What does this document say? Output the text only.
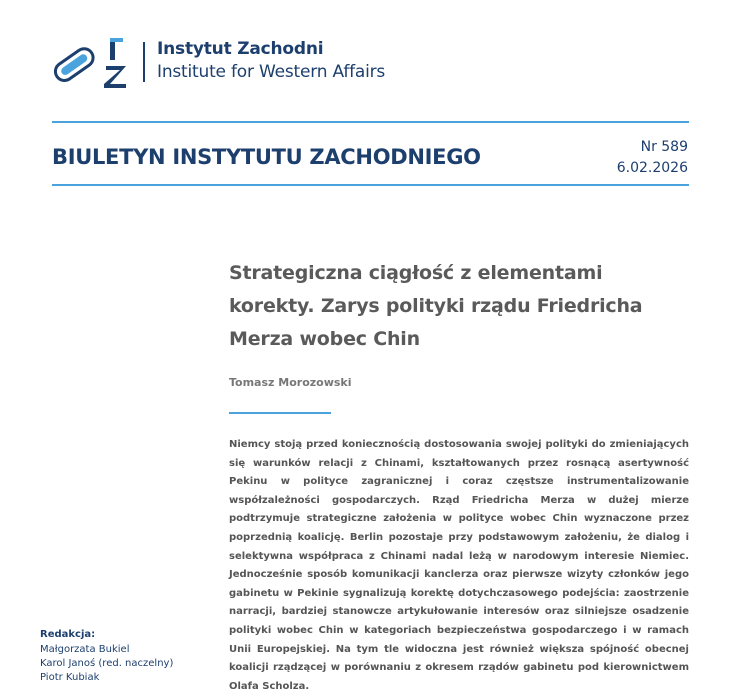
Instytut Zachodni
Institute for Western Affairs
BIULETYN INSTYTUTU ZACHODNIEGO	Nr 589
6.02.2026
Strategiczna ciągłość z elementami korekty. Zarys polityki rządu Friedricha Merza wobec Chin
Tomasz Morozowski

Niemcy stoją przed koniecznością dostosowania swojej polityki do zmieniających się warunków relacji z Chinami, kształtowanych przez rosnącą asertywność Pekinu w polityce zagranicznej i coraz częstsze instrumentalizowanie współzależności gospodarczych. Rząd Friedricha Merza w dużej mierze podtrzymuje strategiczne założenia w polityce wobec Chin wyznaczone przez poprzednią koalicję. Berlin pozostaje przy podstawowym założeniu, że dialog i selektywna współpraca z Chinami nadal leżą w narodowym interesie Niemiec. Jednocześnie sposób komunikacji kanclerza oraz pierwsze wizyty członków jego gabinetu w Pekinie sygnalizują korektę dotychczasowego podejścia: zaostrzenie narracji, bardziej stanowcze artykułowanie interesów oraz silniejsze osadzenie polityki wobec Chin w kategoriach bezpieczeństwa gospodarczego i w ramach Unii Europejskiej. Na tym tle widoczna jest również większa spójność obecnej koalicji rządzącej w porównaniu z okresem rządów gabinetu pod kierownictwem Olafa Scholza.

Redakcja:
Małgorzata Bukiel
Karol Janoś (red. naczelny)
Piotr Kubiak
